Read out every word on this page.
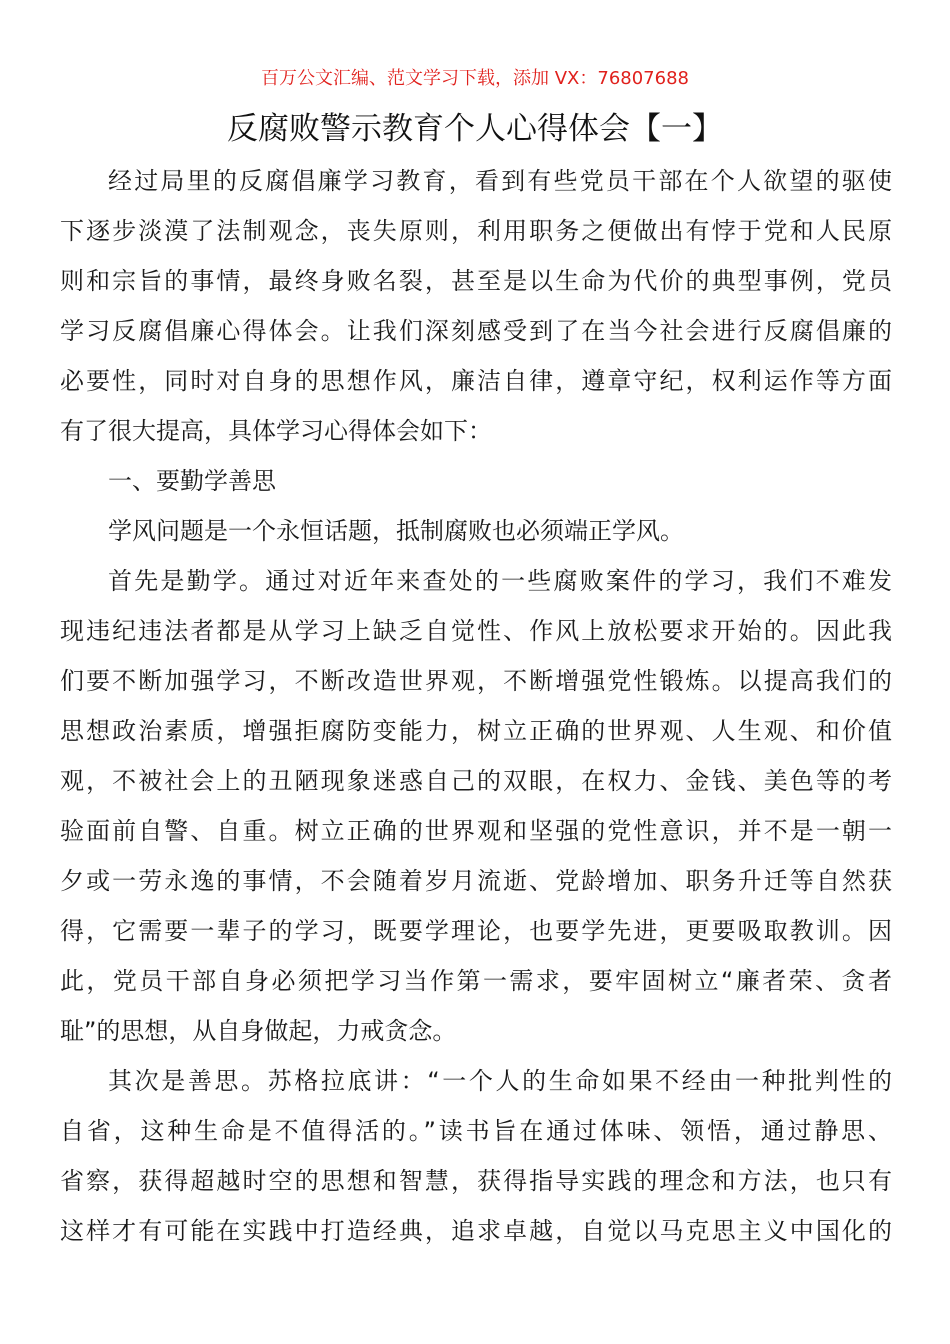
百万公文汇编、范文学习下载，添加 VX：76807688
反腐败警示教育个人心得体会【一】
经过局里的反腐倡廉学习教育，看到有些党员干部在个人欲望的驱使
下逐步淡漠了法制观念，丧失原则，利用职务之便做出有悖于党和人民原
则和宗旨的事情，最终身败名裂，甚至是以生命为代价的典型事例，党员
学习反腐倡廉心得体会。让我们深刻感受到了在当今社会进行反腐倡廉的
必要性，同时对自身的思想作风，廉洁自律，遵章守纪，权利运作等方面
有了很大提高，具体学习心得体会如下：
一、要勤学善思
学风问题是一个永恒话题，抵制腐败也必须端正学风。
首先是勤学。通过对近年来查处的一些腐败案件的学习，我们不难发
现违纪违法者都是从学习上缺乏自觉性、作风上放松要求开始的。因此我
们要不断加强学习，不断改造世界观，不断增强党性锻炼。以提高我们的
思想政治素质，增强拒腐防变能力，树立正确的世界观、人生观、和价值
观，不被社会上的丑陋现象迷惑自己的双眼，在权力、金钱、美色等的考
验面前自警、自重。树立正确的世界观和坚强的党性意识，并不是一朝一
夕或一劳永逸的事情，不会随着岁月流逝、党龄增加、职务升迁等自然获
得，它需要一辈子的学习，既要学理论，也要学先进，更要吸取教训。因
此，党员干部自身必须把学习当作第一需求，要牢固树立“廉者荣、贪者
耻”的思想，从自身做起，力戒贪念。
其次是善思。苏格拉底讲：“一个人的生命如果不经由一种批判性的
自省，这种生命是不值得活的。”读书旨在通过体味、领悟，通过静思、
省察，获得超越时空的思想和智慧，获得指导实践的理念和方法，也只有
这样才有可能在实践中打造经典，追求卓越，自觉以马克思主义中国化的
